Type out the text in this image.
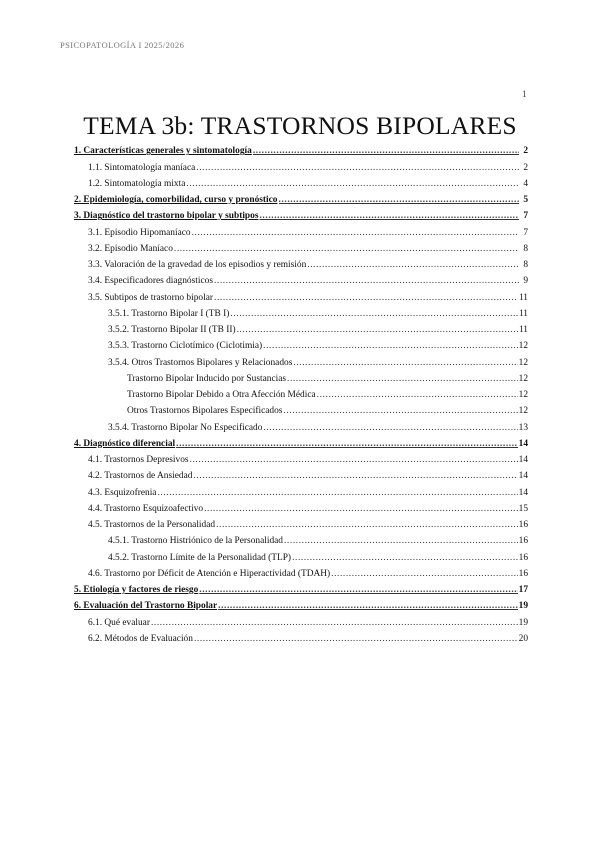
PSICOPATOLOGÍA I 2025/2026
1
TEMA 3b: TRASTORNOS BIPOLARES
1. Características generales y sintomatología .....	2
1.1. Sintomatología maníaca .....	2
1.2. Sintomatología mixta .....	4
2. Epidemiología, comorbilidad, curso y pronóstico .....	5
3. Diagnóstico del trastorno bipolar y subtipos .....	7
3.1. Episodio Hipomaníaco .....	7
3.2. Episodio Maníaco .....	8
3.3. Valoración de la gravedad de los episodios y remisión .....	8
3.4. Especificadores diagnósticos .....	9
3.5. Subtipos de trastorno bipolar .....	11
3.5.1. Trastorno Bipolar I (TB I) .....	11
3.5.2. Trastorno Bipolar II (TB II) .....	11
3.5.3. Trastorno Ciclotímico (Ciclotimia) .....	12
3.5.4. Otros Trastornos Bipolares y Relacionados .....	12
Trastorno Bipolar Inducido por Sustancias .....	12
Trastorno Bipolar Debido a Otra Afección Médica .....	12
Otros Trastornos Bipolares Especificados .....	12
3.5.4. Trastorno Bipolar No Especificado .....	13
4. Diagnóstico diferencial .....	14
4.1. Trastornos Depresivos .....	14
4.2. Trastornos de Ansiedad .....	14
4.3. Esquizofrenia .....	14
4.4. Trastorno Esquizoafectivo .....	15
4.5. Trastornos de la Personalidad .....	16
4.5.1. Trastorno Histriónico de la Personalidad .....	16
4.5.2. Trastorno Límite de la Personalidad (TLP) .....	16
4.6. Trastorno por Déficit de Atención e Hiperactividad (TDAH) .....	16
5. Etiología y factores de riesgo .....	17
6. Evaluación del Trastorno Bipolar .....	19
6.1. Qué evaluar .....	19
6.2. Métodos de Evaluación .....	20
